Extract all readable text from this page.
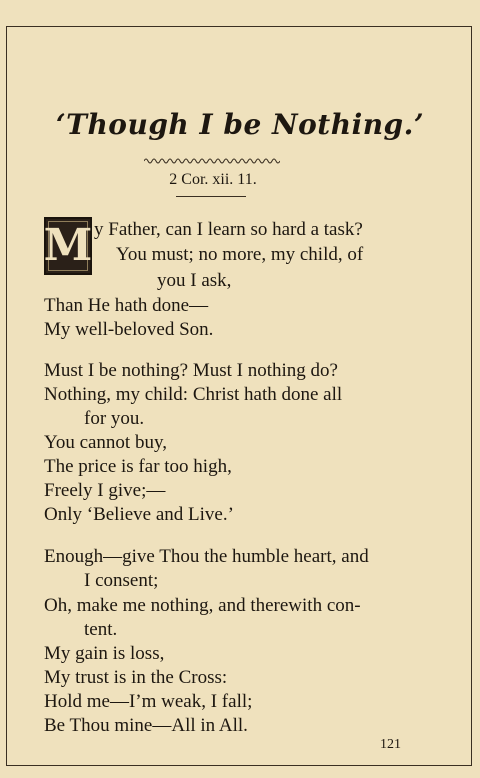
‘Though I be Nothing.’
2 Cor. xii. 11.
M y Father, can I learn so hard a task?
You must; no more, my child, of
you I ask,
Than He hath done—
My well-beloved Son.
Must I be nothing? Must I nothing do?
Nothing, my child: Christ hath done all
for you.
You cannot buy,
The price is far too high,
Freely I give;—
Only ‘Believe and Live.’
Enough—give Thou the humble heart, and
I consent;
Oh, make me nothing, and therewith con-
tent.
My gain is loss,
My trust is in the Cross:
Hold me—I’m weak, I fall;
Be Thou mine—All in All.
121
